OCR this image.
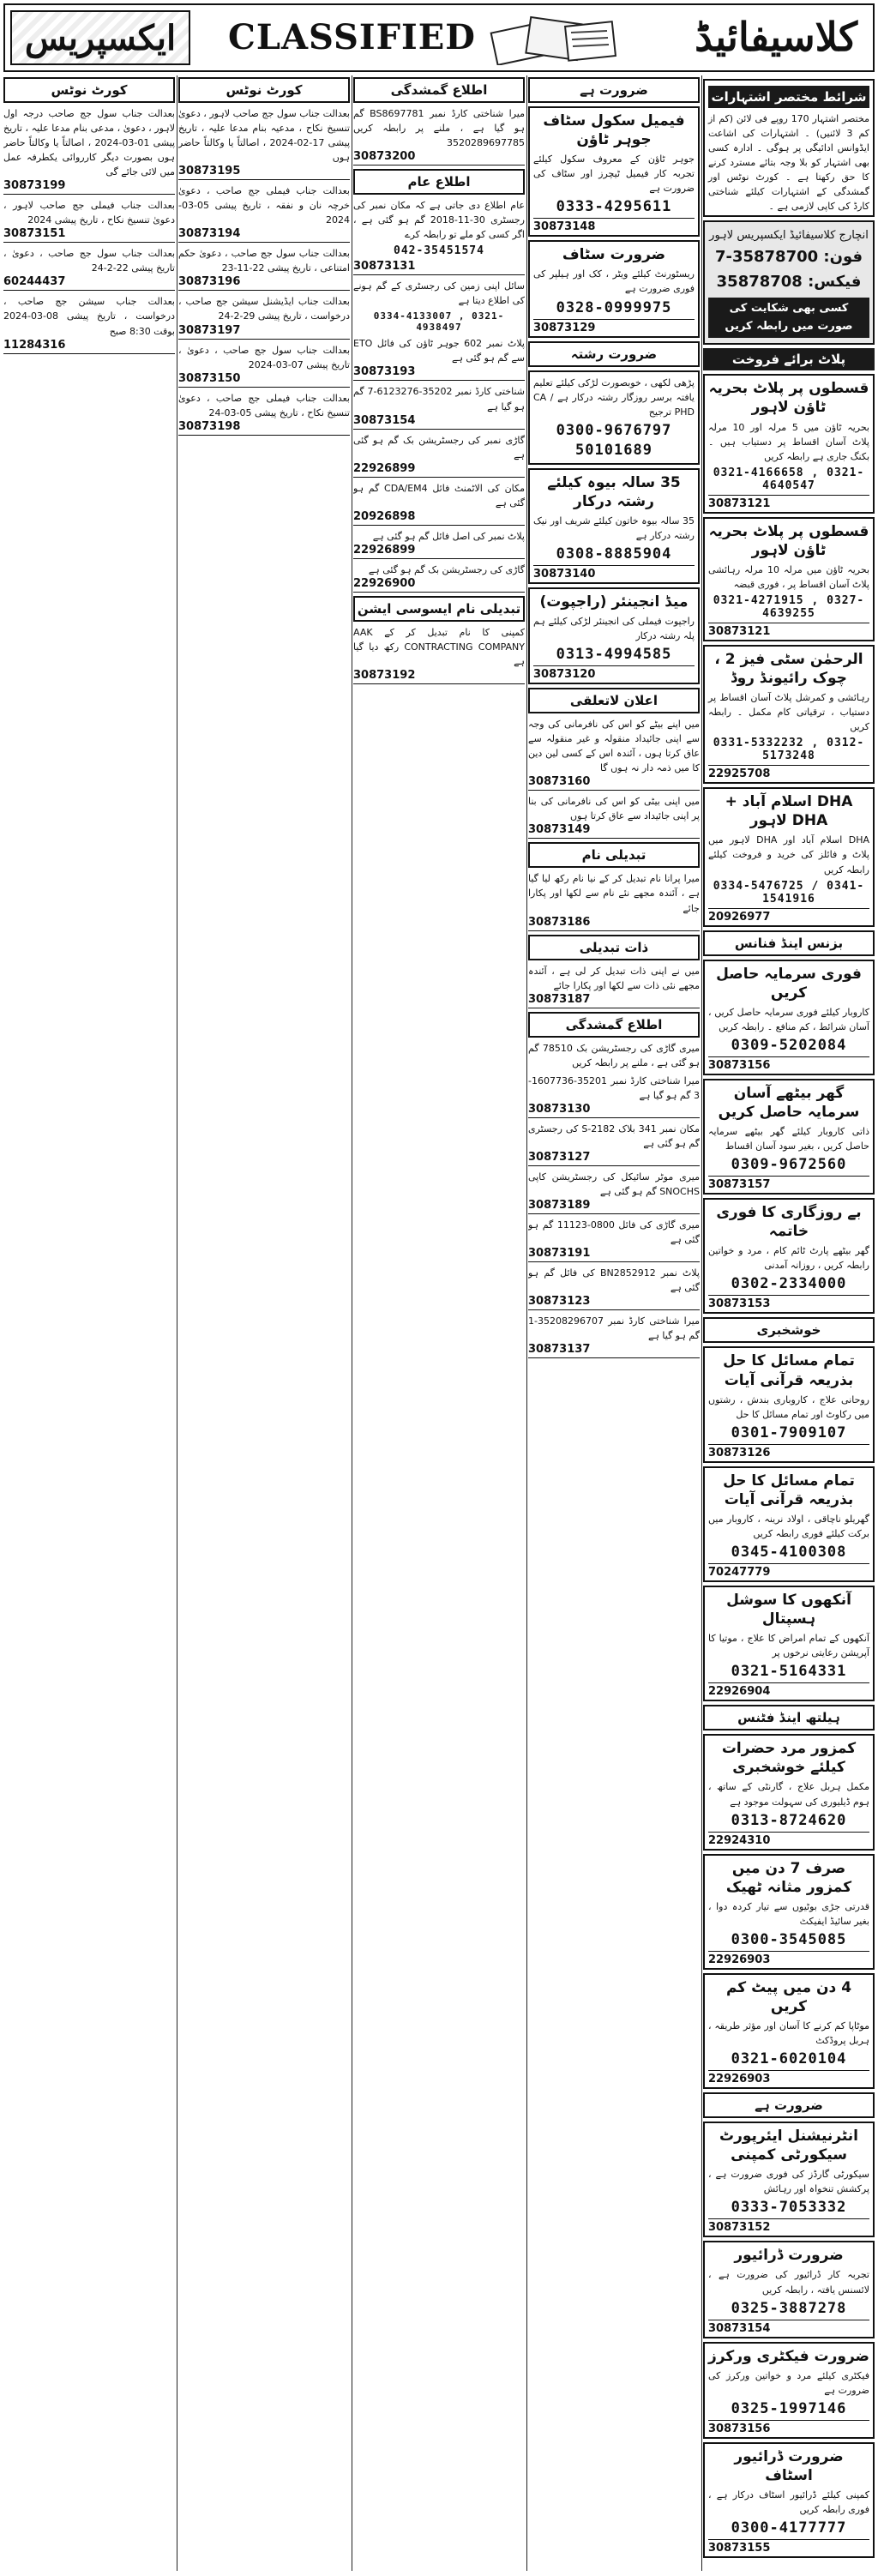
ایکسپریس CLASSIFIED	کلاسیفائیڈ
شرائط مختصر اشتہارات
مختصر اشتہار 170 روپے فی لائن (کم از کم 3 لائنیں) ۔ اشتہارات کی اشاعت ایڈوانس ادائیگی پر ہوگی ۔ ادارہ کسی بھی اشتہار کو بلا وجہ بتائے مسترد کرنے کا حق رکھتا ہے ۔ کورٹ نوٹس اور گمشدگی کے اشتہارات کیلئے شناختی کارڈ کی کاپی لازمی ہے ۔
انچارج کلاسیفائیڈ ایکسپریس لاہور
فون: 35878700-7
فیکس: 35878708
کسی بھی شکایت کی صورت میں رابطہ کریں
پلاٹ برائے فروخت
قسطوں پر پلاٹ بحریہ ٹاؤن لاہور
بحریہ ٹاؤن میں 5 مرلہ اور 10 مرلہ پلاٹ آسان اقساط پر دستیاب ہیں ۔ بکنگ جاری ہے رابطہ کریں
0321-4166658 , 0321-4640547
30873121
قسطوں پر پلاٹ بحریہ ٹاؤن لاہور
بحریہ ٹاؤن میں مرلہ 10 مرلہ رہائشی پلاٹ آسان اقساط پر ، فوری قبضہ
0321-4271915 , 0327-4639255
30873121
الرحمٰن سٹی فیز 2 ، چوک رائیونڈ روڈ
رہائشی و کمرشل پلاٹ آسان اقساط پر دستیاب ، ترقیاتی کام مکمل ۔ رابطہ کریں
0331-5332232 , 0312-5173248
22925708
DHA اسلام آباد + DHA لاہور
DHA اسلام آباد اور DHA لاہور میں پلاٹ و فائلز کی خرید و فروخت کیلئے رابطہ کریں
0334-5476725 / 0341-1541916
20926977
بزنس اینڈ فنانس
فوری سرمایہ حاصل کریں
کاروبار کیلئے فوری سرمایہ حاصل کریں ، آسان شرائط ، کم منافع ۔ رابطہ کریں
0309-5202084
30873156
گھر بیٹھے آسان سرمایہ حاصل کریں
ذاتی کاروبار کیلئے گھر بیٹھے سرمایہ حاصل کریں ، بغیر سود آسان اقساط
0309-9672560
30873157
بے روزگاری کا فوری خاتمہ
گھر بیٹھے پارٹ ٹائم کام ، مرد و خواتین رابطہ کریں ، روزانہ آمدنی
0302-2334000
30873153
خوشخبری
تمام مسائل کا حل بذریعہ قرآنی آیات
روحانی علاج ، کاروباری بندش ، رشتوں میں رکاوٹ اور تمام مسائل کا حل
0301-7909107
30873126
تمام مسائل کا حل بذریعہ قرآنی آیات
گھریلو ناچاقی ، اولاد نرینہ ، کاروبار میں برکت کیلئے فوری رابطہ کریں
0345-4100308
70247779
آنکھوں کا سوشل ہسپتال
آنکھوں کے تمام امراض کا علاج ، موتیا کا آپریشن رعایتی نرخوں پر
0321-5164331
22926904
ہیلتھ اینڈ فٹنس
کمزور مرد حضرات کیلئے خوشخبری
مکمل ہربل علاج ، گارنٹی کے ساتھ ، ہوم ڈیلیوری کی سہولت موجود ہے
0313-8724620
22924310
صرف 7 دن میں کمزور مثانہ ٹھیک
قدرتی جڑی بوٹیوں سے تیار کردہ دوا ، بغیر سائیڈ ایفیکٹ
0300-3545085
22926903
4 دن میں پیٹ کم کریں
موٹاپا کم کرنے کا آسان اور مؤثر طریقہ ، ہربل پروڈکٹ
0321-6020104
22926903
ضرورت ہے
انٹرنیشنل ایئرپورٹ سیکورٹی کمپنی
سیکورٹی گارڈز کی فوری ضرورت ہے ، پرکشش تنخواہ اور رہائش
0333-7053332
30873152
ضرورت ڈرائیور
تجربہ کار ڈرائیور کی ضرورت ہے ، لائسنس یافتہ ، رابطہ کریں
0325-3887278
30873154
ضرورت فیکٹری ورکرز
فیکٹری کیلئے مرد و خواتین ورکرز کی ضرورت ہے
0325-1997146
30873156
ضرورت ڈرائیور اسٹاف
کمپنی کیلئے ڈرائیور اسٹاف درکار ہے ، فوری رابطہ کریں
0300-4177777
30873155
ضرورت ہے
فیمیل سکول سٹاف جوہر ٹاؤن
جوہر ٹاؤن کے معروف سکول کیلئے تجربہ کار فیمیل ٹیچرز اور سٹاف کی ضرورت ہے
0333-4295611
30873148
ضرورت سٹاف
ریسٹورنٹ کیلئے ویٹر ، کک اور ہیلپر کی فوری ضرورت ہے
0328-0999975
30873129
ضرورت رشتہ
پڑھی لکھی ، خوبصورت لڑکی کیلئے تعلیم یافتہ برسر روزگار رشتہ درکار ہے CA / PHD ترجیح
0300-9676797
50101689
35 سالہ بیوہ کیلئے رشتہ درکار
35 سالہ بیوہ خاتون کیلئے شریف اور نیک رشتہ درکار ہے
0308-8885904
30873140
میڈ انجینئر (راجپوت)
راجپوت فیملی کی انجینئر لڑکی کیلئے ہم پلہ رشتہ درکار
0313-4994585
30873120
اعلان لاتعلقی
میں اپنے بیٹے کو اس کی نافرمانی کی وجہ سے اپنی جائیداد منقولہ و غیر منقولہ سے عاق کرتا ہوں ، آئندہ اس کے کسی لین دین کا میں ذمہ دار نہ ہوں گا
30873160
میں اپنی بیٹی کو اس کی نافرمانی کی بنا پر اپنی جائیداد سے عاق کرتا ہوں
30873149
تبدیلی نام
میرا پرانا نام تبدیل کر کے نیا نام رکھ لیا گیا ہے ، آئندہ مجھے نئے نام سے لکھا اور پکارا جائے
30873186
ذات تبدیلی
میں نے اپنی ذات تبدیل کر لی ہے ، آئندہ مجھے نئی ذات سے لکھا اور پکارا جائے
30873187
اطلاع گمشدگی
میری گاڑی کی رجسٹریشن بک 78510 گم ہو گئی ہے ، ملنے پر رابطہ کریں
میرا شناختی کارڈ نمبر 35201-1607736-3 گم ہو گیا ہے
30873130
مکان نمبر 341 بلاک S-2182 کی رجسٹری گم ہو گئی ہے
30873127
میری موٹر سائیکل کی رجسٹریشن کاپی SNOCHS گم ہو گئی ہے
30873189
میری گاڑی کی فائل 0800-11123 گم ہو گئی ہے
30873191
پلاٹ نمبر BN2852912 کی فائل گم ہو گئی ہے
30873123
میرا شناختی کارڈ نمبر 35208296707-1 گم ہو گیا ہے
30873137
اطلاع گمشدگی
میرا شناختی کارڈ نمبر BS8697781 گم ہو گیا ہے ، ملنے پر رابطہ کریں 3520289697785
30873200
اطلاع عام
عام اطلاع دی جاتی ہے کہ مکان نمبر کی رجسٹری 30-11-2018 گم ہو گئی ہے ، اگر کسی کو ملے تو رابطہ کرے
042-35451574
30873131
سائل اپنی زمین کی رجسٹری کے گم ہونے کی اطلاع دیتا ہے
0334-4133007 , 0321-4938497
پلاٹ نمبر 602 جوہر ٹاؤن کی فائل ETO سے گم ہو گئی ہے
30873193
شناختی کارڈ نمبر 35202-6123276-7 گم ہو گیا ہے
30873154
گاڑی نمبر کی رجسٹریشن بک گم ہو گئی ہے
22926899
مکان کی الاٹمنٹ فائل CDA/EM4 گم ہو گئی ہے
20926898
پلاٹ نمبر کی اصل فائل گم ہو گئی ہے
22926899
گاڑی کی رجسٹریشن بک گم ہو گئی ہے
22926900
تبدیلی نام ایسوسی ایشن
کمپنی کا نام تبدیل کر کے AAK CONTRACTING COMPANY رکھ دیا گیا ہے
30873192
کورٹ نوٹس
بعدالت جناب سول جج صاحب لاہور ، دعویٰ تنسیخ نکاح ، مدعیہ بنام مدعا علیہ ، تاریخ پیشی 17-02-2024 ، اصالتاً یا وکالتاً حاضر ہوں
30873195
بعدالت جناب فیملی جج صاحب ، دعویٰ خرچہ نان و نفقہ ، تاریخ پیشی 05-03-2024
30873194
بعدالت جناب سول جج صاحب ، دعویٰ حکم امتناعی ، تاریخ پیشی 22-11-23
30873196
بعدالت جناب ایڈیشنل سیشن جج صاحب ، درخواست ، تاریخ پیشی 29-2-24
30873197
بعدالت جناب سول جج صاحب ، دعویٰ ، تاریخ پیشی 07-03-2024
30873150
بعدالت جناب فیملی جج صاحب ، دعویٰ تنسیخ نکاح ، تاریخ پیشی 05-03-24
30873198
کورٹ نوٹس
بعدالت جناب سول جج صاحب درجہ اول لاہور ، دعویٰ ، مدعی بنام مدعا علیہ ، تاریخ پیشی 01-03-2024 ، اصالتاً یا وکالتاً حاضر ہوں بصورت دیگر کارروائی یکطرفہ عمل میں لائی جائے گی
30873199
بعدالت جناب فیملی جج صاحب لاہور ، دعویٰ تنسیخ نکاح ، تاریخ پیشی 2024
30873151
بعدالت جناب سول جج صاحب ، دعویٰ ، تاریخ پیشی 22-2-24
60244437
بعدالت جناب سیشن جج صاحب ، درخواست ، تاریخ پیشی 08-03-2024 بوقت 8:30 صبح
11284316
